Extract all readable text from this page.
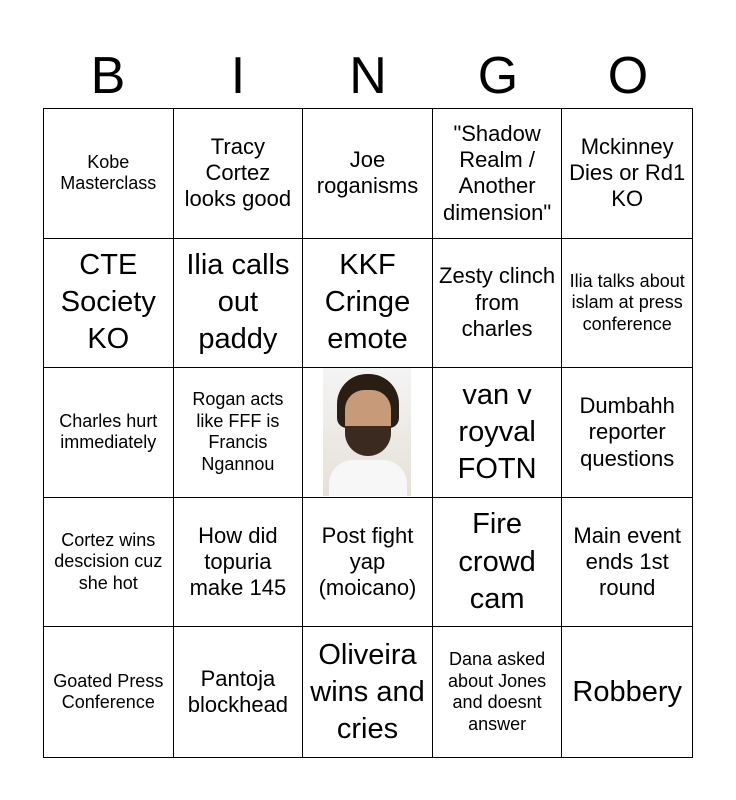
B	I	N	G	O
Kobe Masterclass
Tracy Cortez looks good
Joe roganisms
"Shadow Realm / Another dimension"
Mckinney Dies or Rd1 KO
CTE Society KO
Ilia calls out paddy
KKF Cringe emote
Zesty clinch from charles
Ilia talks about islam at press conference
Charles hurt immediately
Rogan acts like FFF is Francis Ngannou
van v royval FOTN
Dumbahh reporter questions
Cortez wins descision cuz she hot
How did topuria make 145
Post fight yap (moicano)
Fire crowd cam
Main event ends 1st round
Goated Press Conference
Pantoja blockhead
Oliveira wins and cries
Dana asked about Jones and doesnt answer
Robbery
